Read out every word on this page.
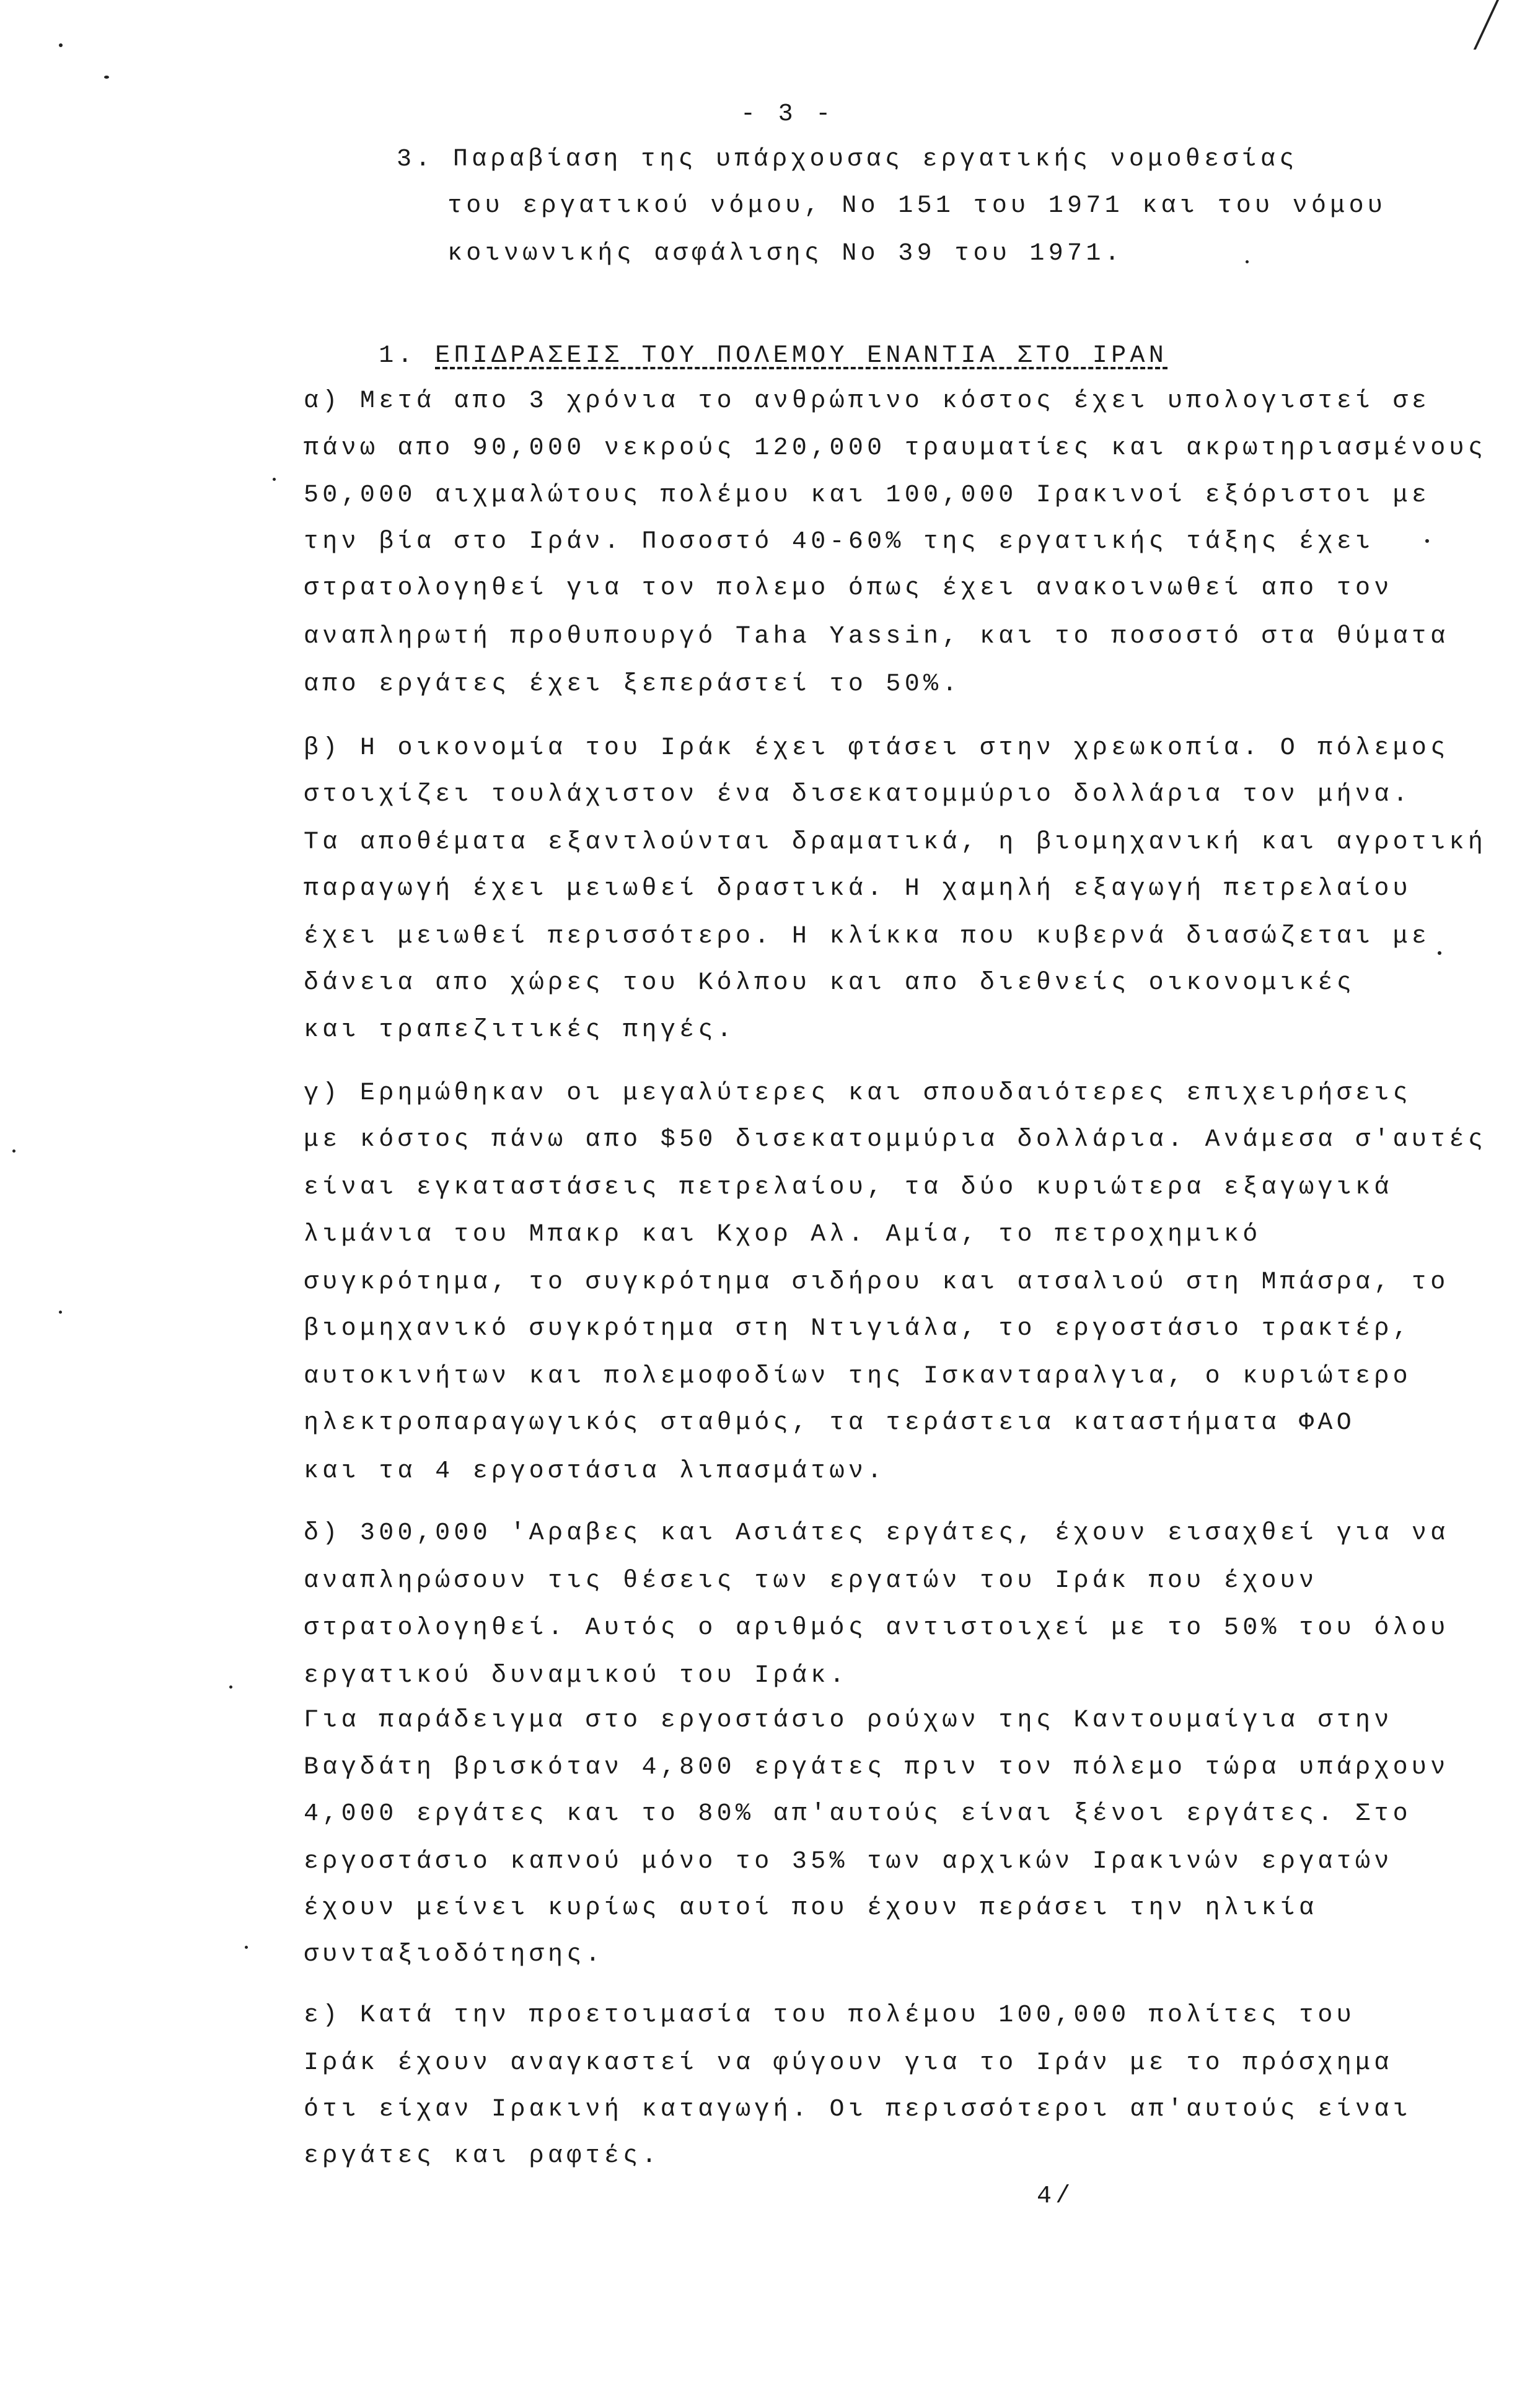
- 3 -
3. Παραβίαση της υπάρχουσας εργατικής νομοθεσίας
του εργατικού νόμου, No 151 του 1971 και του νόμου
κοινωνικής ασφάλισης No 39 του 1971.

1. ΕΠΙΔΡΑΣΕΙΣ ΤΟΥ ΠΟΛΕΜΟΥ ΕΝΑΝΤΙΑ ΣΤΟ ΙΡΑΝ

α) Μετά απο 3 χρόνια το ανθρώπινο κόστος έχει υπολογιστεί σε
πάνω απο 90,000 νεκρούς 120,000 τραυματίες και ακρωτηριασμένους
50,000 αιχμαλώτους πολέμου και 100,000 Ιρακινοί εξόριστοι με
την βία στο Ιράν. Ποσοστό 40-60% της εργατικής τάξης έχει
στρατολογηθεί για τον πολεμο όπως έχει ανακοινωθεί απο τον
αναπληρωτή προθυπουργό Taha Yassin, και το ποσοστό στα θύματα
απο εργάτες έχει ξεπεράστεί το 50%.
β) Η οικονομία του Ιράκ έχει φτάσει στην χρεωκοπία. Ο πόλεμος
στοιχίζει τουλάχιστον ένα δισεκατομμύριο δολλάρια τον μήνα.
Τα αποθέματα εξαντλούνται δραματικά, η βιομηχανική και αγροτική
παραγωγή έχει μειωθεί δραστικά. Η χαμηλή εξαγωγή πετρελαίου
έχει μειωθεί περισσότερο. Η κλίκκα που κυβερνά διασώζεται με
δάνεια απο χώρες του Κόλπου και απο διεθνείς οικονομικές
και τραπεζιτικές πηγές.
γ) Ερημώθηκαν οι μεγαλύτερες και σπουδαιότερες επιχειρήσεις
με κόστος πάνω απο $50 δισεκατομμύρια δολλάρια. Ανάμεσα σ'αυτές
είναι εγκαταστάσεις πετρελαίου, τα δύο κυριώτερα εξαγωγικά
λιμάνια του Μπακρ και Κχορ Αλ. Αμία, το πετροχημικό
συγκρότημα, το συγκρότημα σιδήρου και ατσαλιού στη Μπάσρα, το
βιομηχανικό συγκρότημα στη Ντιγιάλα, το εργοστάσιο τρακτέρ,
αυτοκινήτων και πολεμοφοδίων της Ισκανταραλγια, ο κυριώτερο
ηλεκτροπαραγωγικός σταθμός, τα τεράστεια καταστήματα ΦΑΟ
και τα 4 εργοστάσια λιπασμάτων.
δ) 300,000 'Αραβες και Ασιάτες εργάτες, έχουν εισαχθεί για να
αναπληρώσουν τις θέσεις των εργατών του Ιράκ που έχουν
στρατολογηθεί. Αυτός ο αριθμός αντιστοιχεί με το 50% του όλου
εργατικού δυναμικού του Ιράκ.
Για παράδειγμα στο εργοστάσιο ρούχων της Καντουμαίγια στην
Βαγδάτη βρισκόταν 4,800 εργάτες πριν τον πόλεμο τώρα υπάρχουν
4,000 εργάτες και το 80% απ'αυτούς είναι ξένοι εργάτες. Στο
εργοστάσιο καπνού μόνο το 35% των αρχικών Ιρακινών εργατών
έχουν μείνει κυρίως αυτοί που έχουν περάσει την ηλικία
συνταξιοδότησης.
ε) Κατά την προετοιμασία του πολέμου 100,000 πολίτες του
Ιράκ έχουν αναγκαστεί να φύγουν για το Ιράν με το πρόσχημα
ότι είχαν Ιρακινή καταγωγή. Οι περισσότεροι απ'αυτούς είναι
εργάτες και ραφτές.
4/
